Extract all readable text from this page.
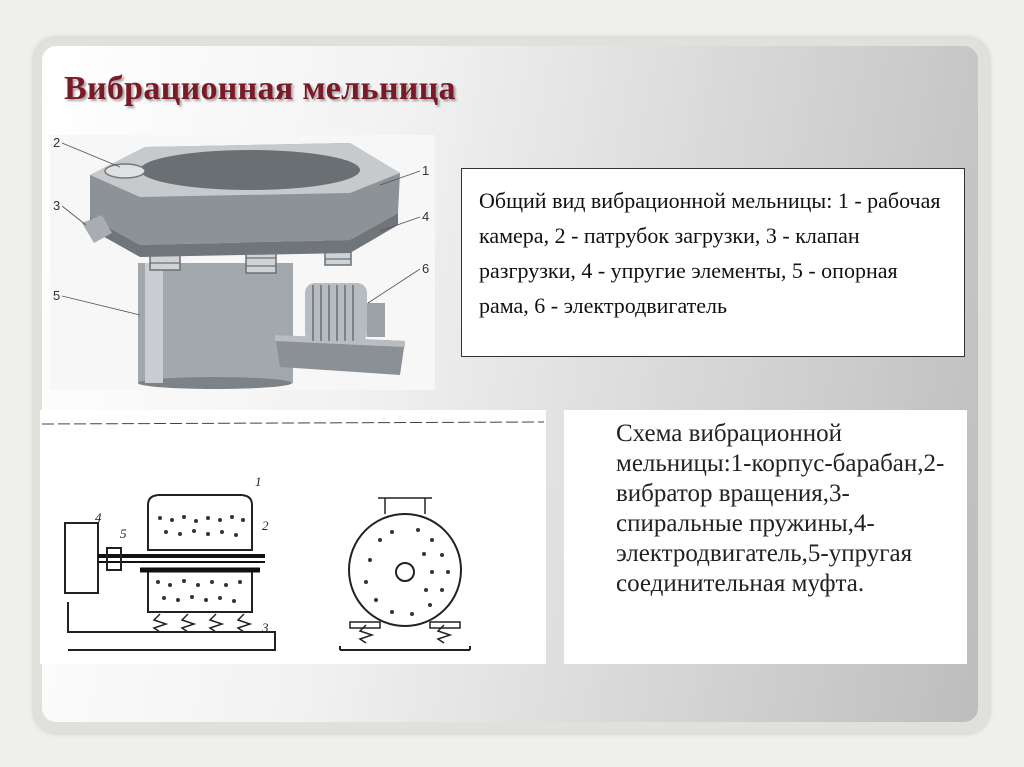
Вибрационная мельница
2
3
5
1
4
6
Общий вид вибрационной мельницы: 1 - рабочая камера, 2 - патрубок загрузки, 3 - клапан разгрузки, 4 - упругие элементы, 5 - опорная рама, 6 - электродвигатель
4
5
1
2
3
Схема вибрационной мельницы:1-корпус-барабан,2-вибратор вращения,3-спиральные пружины,4-электродвигатель,5-упругая соединительная муфта.
